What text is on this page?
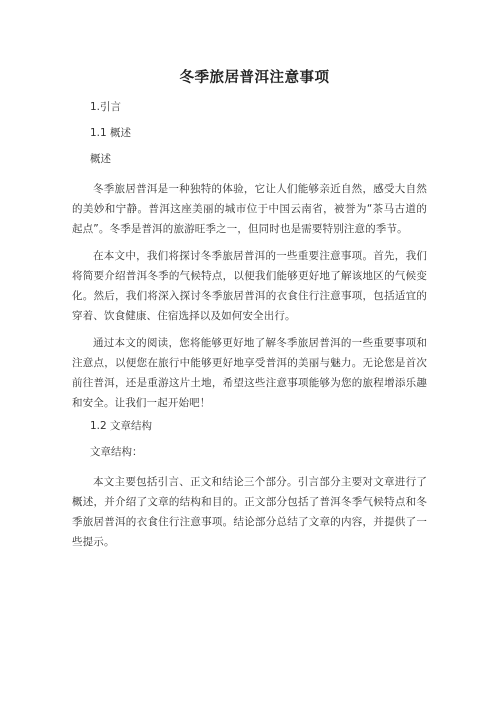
冬季旅居普洱注意事项
1.引言
1.1 概述
概述

冬季旅居普洱是一种独特的体验，它让人们能够亲近自然，感受大自然的美妙和宁静。普洱这座美丽的城市位于中国云南省，被誉为“茶马古道的起点”。冬季是普洱的旅游旺季之一，但同时也是需要特别注意的季节。

在本文中，我们将探讨冬季旅居普洱的一些重要注意事项。首先，我们将简要介绍普洱冬季的气候特点，以便我们能够更好地了解该地区的气候变化。然后，我们将深入探讨冬季旅居普洱的衣食住行注意事项，包括适宜的穿着、饮食健康、住宿选择以及如何安全出行。

通过本文的阅读，您将能够更好地了解冬季旅居普洱的一些重要事项和注意点，以便您在旅行中能够更好地享受普洱的美丽与魅力。无论您是首次前往普洱，还是重游这片土地，希望这些注意事项能够为您的旅程增添乐趣和安全。让我们一起开始吧！

1.2 文章结构
文章结构：

本文主要包括引言、正文和结论三个部分。引言部分主要对文章进行了概述，并介绍了文章的结构和目的。正文部分包括了普洱冬季气候特点和冬季旅居普洱的衣食住行注意事项。结论部分总结了文章的内容，并提供了一些提示。
